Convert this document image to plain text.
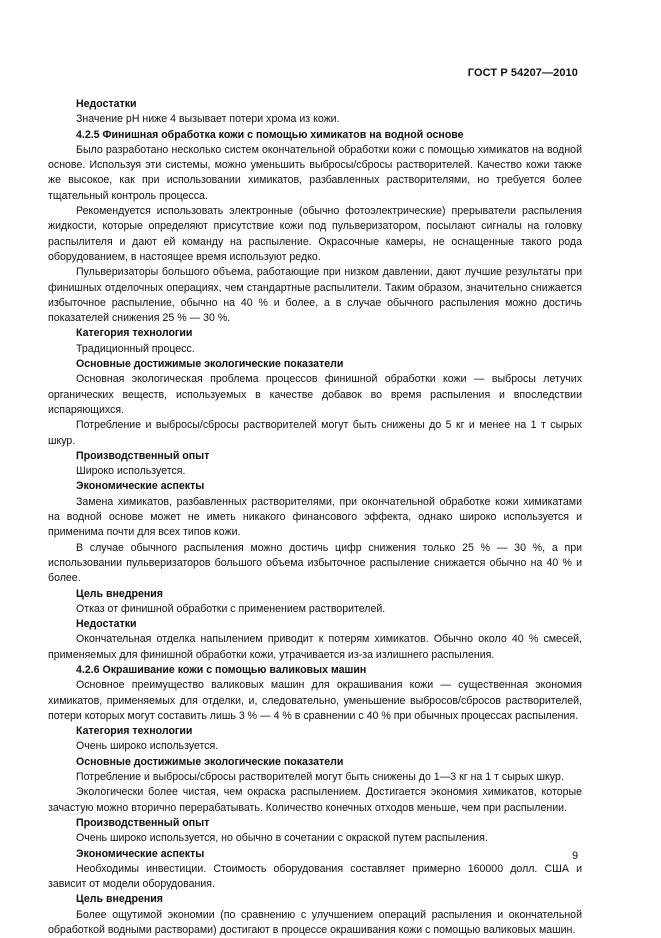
ГОСТ Р 54207—2010
Недостатки
Значение рН ниже 4 вызывает потери хрома из кожи.
4.2.5 Финишная обработка кожи с помощью химикатов на водной основе
Было разработано несколько систем окончательной обработки кожи с помощью химикатов на водной основе. Используя эти системы, можно уменьшить выбросы/сбросы растворителей. Качество кожи также же высокое, как при использовании химикатов, разбавленных растворителями, но требуется более тщательный контроль процесса.
Рекомендуется использовать электронные (обычно фотоэлектрические) прерыватели распыления жидкости, которые определяют присутствие кожи под пульверизатором, посылают сигналы на головку распылителя и дают ей команду на распыление. Окрасочные камеры, не оснащенные такого рода оборудованием, в настоящее время используют редко.
Пульверизаторы большого объема, работающие при низком давлении, дают лучшие результаты при финишных отделочных операциях, чем стандартные распылители. Таким образом, значительно снижается избыточное распыление, обычно на 40 % и более, а в случае обычного распыления можно достичь показателей снижения 25 % — 30 %.
Категория технологии
Традиционный процесс.
Основные достижимые экологические показатели
Основная экологическая проблема процессов финишной обработки кожи — выбросы летучих органических веществ, используемых в качестве добавок во время распыления и впоследствии испаряющихся.
Потребление и выбросы/сбросы растворителей могут быть снижены до 5 кг и менее на 1 т сырых шкур.
Производственный опыт
Широко используется.
Экономические аспекты
Замена химикатов, разбавленных растворителями, при окончательной обработке кожи химикатами на водной основе может не иметь никакого финансового эффекта, однако широко используется и применима почти для всех типов кожи.
В случае обычного распыления можно достичь цифр снижения только 25 % — 30 %, а при использовании пульверизаторов большого объема избыточное распыление снижается обычно на 40 % и более.
Цель внедрения
Отказ от финишной обработки с применением растворителей.
Недостатки
Окончательная отделка напылением приводит к потерям химикатов. Обычно около 40 % смесей, применяемых для финишной обработки кожи, утрачивается из-за излишнего распыления.
4.2.6 Окрашивание кожи с помощью валиковых машин
Основное преимущество валиковых машин для окрашивания кожи — существенная экономия химикатов, применяемых для отделки, и, следовательно, уменьшение выбросов/сбросов растворителей, потери которых могут составить лишь 3 % — 4 % в сравнении с 40 % при обычных процессах распыления.
Категория технологии
Очень широко используется.
Основные достижимые экологические показатели
Потребление и выбросы/сбросы растворителей могут быть снижены до 1—3 кг на 1 т сырых шкур.
Экологически более чистая, чем окраска распылением. Достигается экономия химикатов, которые зачастую можно вторично перерабатывать. Количество конечных отходов меньше, чем при распылении.
Производственный опыт
Очень широко используется, но обычно в сочетании с окраской путем распыления.
Экономические аспекты
Необходимы инвестиции. Стоимость оборудования составляет примерно 160000 долл. США и зависит от модели оборудования.
Цель внедрения
Более ощутимой экономии (по сравнению с улучшением операций распыления и окончательной обработкой водными растворами) достигают в процессе окрашивания кожи с помощью валиковых машин.
9
